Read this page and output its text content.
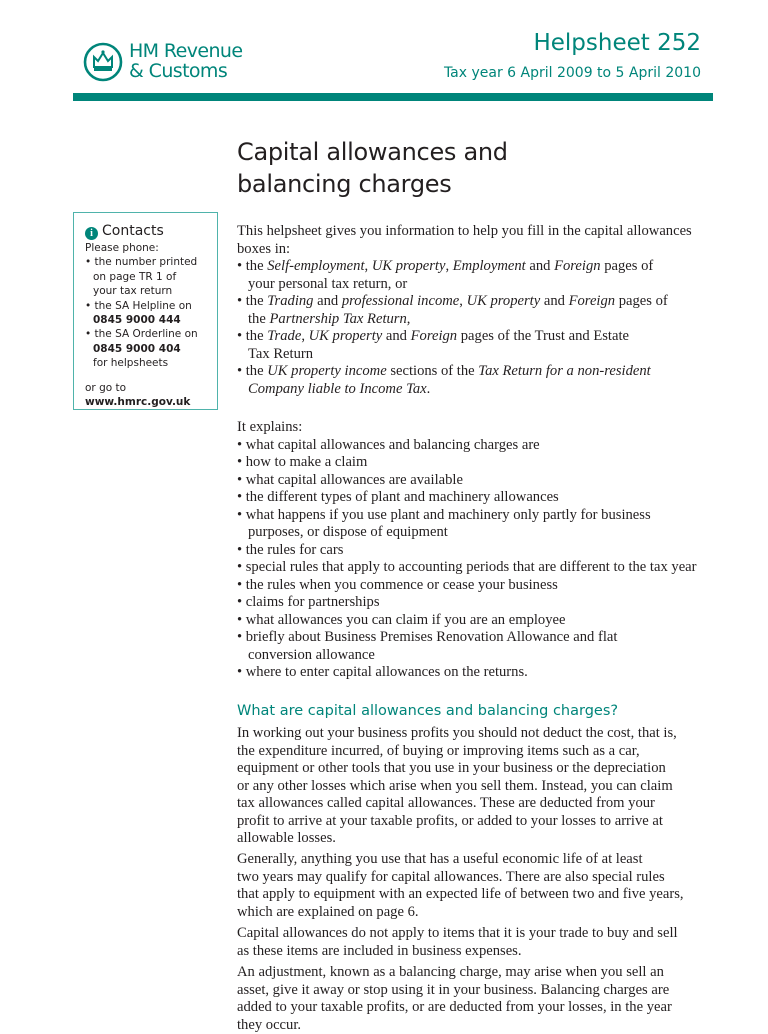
HM Revenue
& Customs
Helpsheet 252
Tax year 6 April 2009 to 5 April 2010
Capital allowances and
balancing charges
i Contacts
Please phone:
• the number printed
on page TR 1 of
your tax return
• the SA Helpline on
0845 9000 444
• the SA Orderline on
0845 9000 404
for helpsheets
or go to
www.hmrc.gov.uk
This helpsheet gives you information to help you fill in the capital allowances
boxes in:
• the Self-employment, UK property, Employment and Foreign pages of
your personal tax return, or
• the Trading and professional income, UK property and Foreign pages of
the Partnership Tax Return,
• the Trade, UK property and Foreign pages of the Trust and Estate
Tax Return
• the UK property income sections of the Tax Return for a non-resident
Company liable to Income Tax.
It explains:
• what capital allowances and balancing charges are
• how to make a claim
• what capital allowances are available
• the different types of plant and machinery allowances
• what happens if you use plant and machinery only partly for business
purposes, or dispose of equipment
• the rules for cars
• special rules that apply to accounting periods that are different to the tax year
• the rules when you commence or cease your business
• claims for partnerships
• what allowances you can claim if you are an employee
• briefly about Business Premises Renovation Allowance and flat
conversion allowance
• where to enter capital allowances on the returns.
What are capital allowances and balancing charges?
In working out your business profits you should not deduct the cost, that is,
the expenditure incurred, of buying or improving items such as a car,
equipment or other tools that you use in your business or the depreciation
or any other losses which arise when you sell them. Instead, you can claim
tax allowances called capital allowances. These are deducted from your
profit to arrive at your taxable profits, or added to your losses to arrive at
allowable losses.
Generally, anything you use that has a useful economic life of at least
two years may qualify for capital allowances. There are also special rules
that apply to equipment with an expected life of between two and five years,
which are explained on page 6.
Capital allowances do not apply to items that it is your trade to buy and sell
as these items are included in business expenses.
An adjustment, known as a balancing charge, may arise when you sell an
asset, give it away or stop using it in your business. Balancing charges are
added to your taxable profits, or are deducted from your losses, in the year
they occur.
